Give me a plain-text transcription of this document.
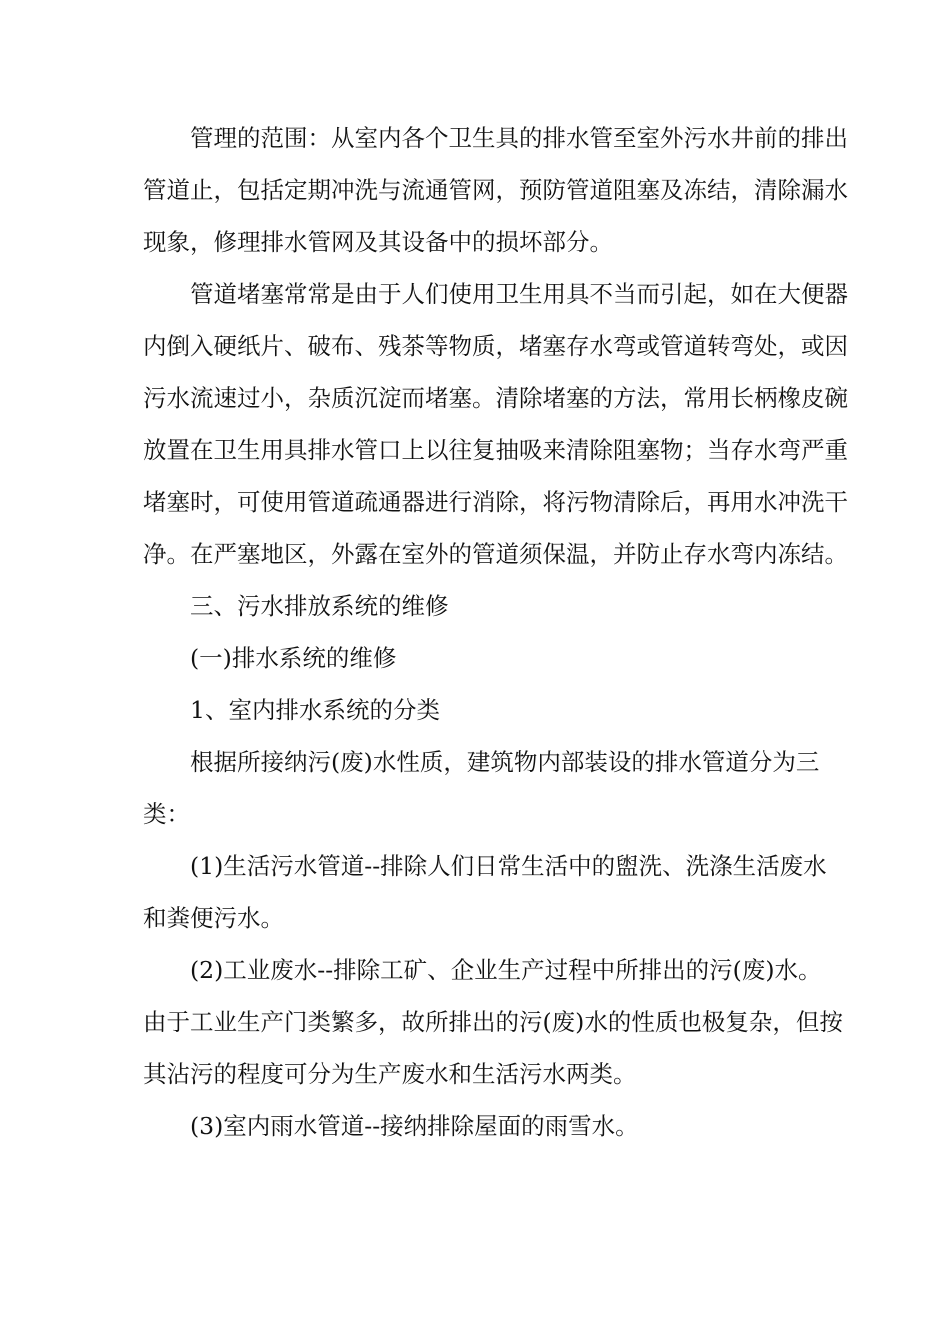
管理的范围：从室内各个卫生具的排水管至室外污水井前的排出
管道止，包括定期冲洗与流通管网，预防管道阻塞及冻结，清除漏水
现象，修理排水管网及其设备中的损坏部分。

管道堵塞常常是由于人们使用卫生用具不当而引起，如在大便器
内倒入硬纸片、破布、残茶等物质，堵塞存水弯或管道转弯处，或因
污水流速过小，杂质沉淀而堵塞。清除堵塞的方法，常用长柄橡皮碗
放置在卫生用具排水管口上以往复抽吸来清除阻塞物；当存水弯严重
堵塞时，可使用管道疏通器进行消除，将污物清除后，再用水冲洗干
净。在严塞地区，外露在室外的管道须保温，并防止存水弯内冻结。

三、污水排放系统的维修

(一)排水系统的维修

1、室内排水系统的分类

根据所接纳污(废)水性质，建筑物内部装设的排水管道分为三
类：

(1)生活污水管道--排除人们日常生活中的盥洗、洗涤生活废水
和粪便污水。

(2)工业废水--排除工矿、企业生产过程中所排出的污(废)水。
由于工业生产门类繁多，故所排出的污(废)水的性质也极复杂，但按
其沾污的程度可分为生产废水和生活污水两类。

(3)室内雨水管道--接纳排除屋面的雨雪水。
